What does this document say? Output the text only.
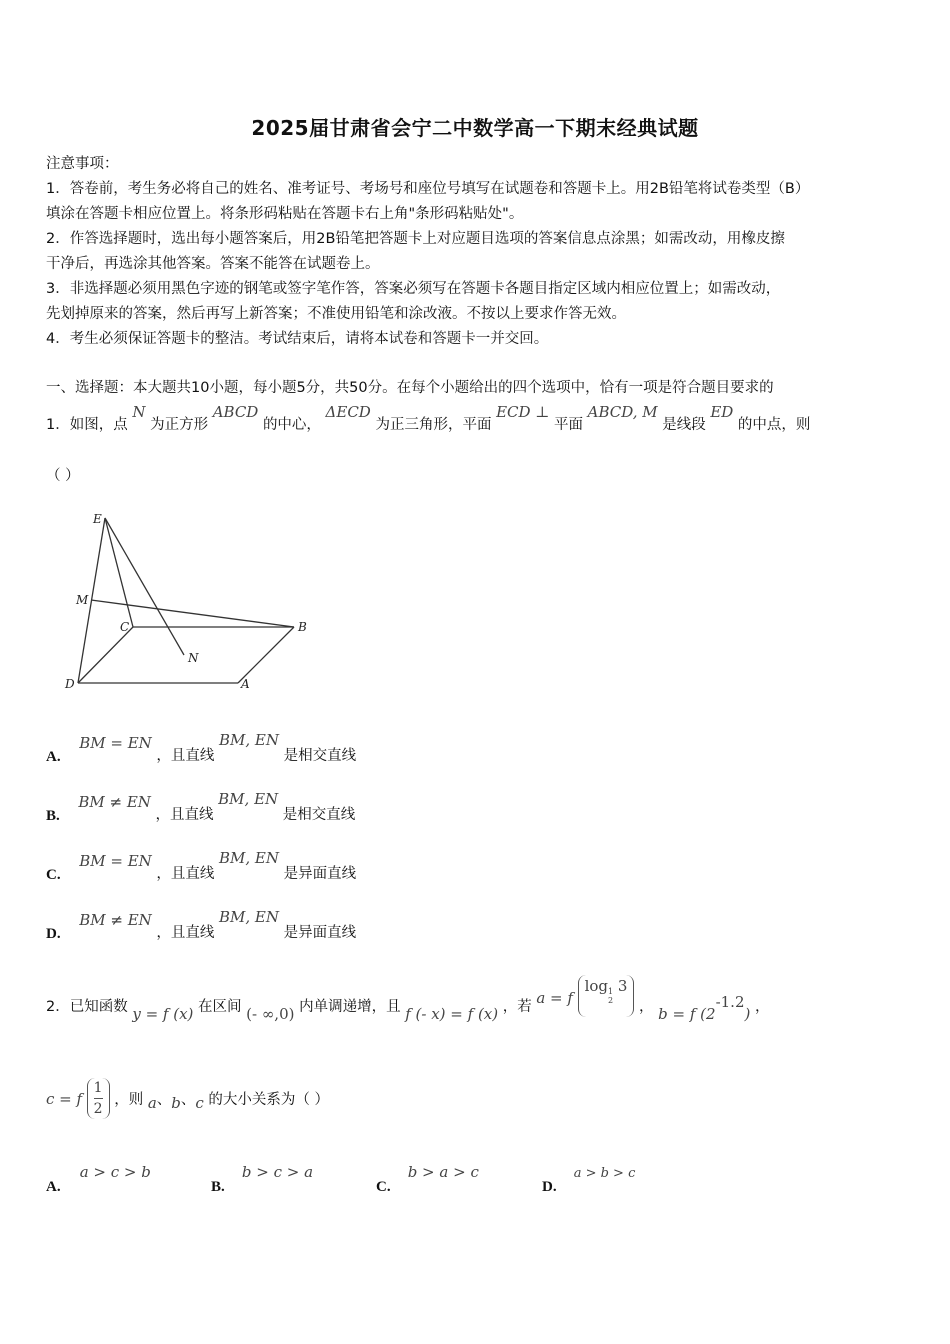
2025届甘肃省会宁二中数学高一下期末经典试题
注意事项：
1．答卷前，考生务必将自己的姓名、准考证号、考场号和座位号填写在试题卷和答题卡上。用2B铅笔将试卷类型（B）
填涂在答题卡相应位置上。将条形码粘贴在答题卡右上角"条形码粘贴处"。
2．作答选择题时，选出每小题答案后，用2B铅笔把答题卡上对应题目选项的答案信息点涂黑；如需改动，用橡皮擦
干净后，再选涂其他答案。答案不能答在试题卷上。
3．非选择题必须用黑色字迹的钢笔或签字笔作答，答案必须写在答题卡各题目指定区域内相应位置上；如需改动，
先划掉原来的答案，然后再写上新答案；不准使用铅笔和涂改液。不按以上要求作答无效。
4．考生必须保证答题卡的整洁。考试结束后，请将本试卷和答题卡一并交回。
一、选择题：本大题共10小题，每小题5分，共50分。在每个小题给出的四个选项中，恰有一项是符合题目要求的
1．如图，点 N 为正方形 ABCD 的中心， ΔECD 为正三角形，平面 ECD ⊥ 平面 ABCD, M 是线段 ED 的中点，则
（ ）
E
M
C	B
N
D	A
A. BM = EN ，且直线 BM, EN 是相交直线
B. BM ≠ EN ，且直线 BM, EN 是相交直线
C. BM = EN ，且直线 BM, EN 是异面直线
D. BM ≠ EN ，且直线 BM, EN 是异面直线
2．已知函数 y = f (x) 在区间 (- ∞,0) 内单调递增，且 f (- x) = f (x) ，若 a = f log1
2 3 ， b = f $(2^{-1.2})$ ，
c = f $\frac{1}{2}$ ，则 a、b、c 的大小关系为（ ）
A. a > c > b
B. b > c > a
C. b > a > c
D. a > b > c
